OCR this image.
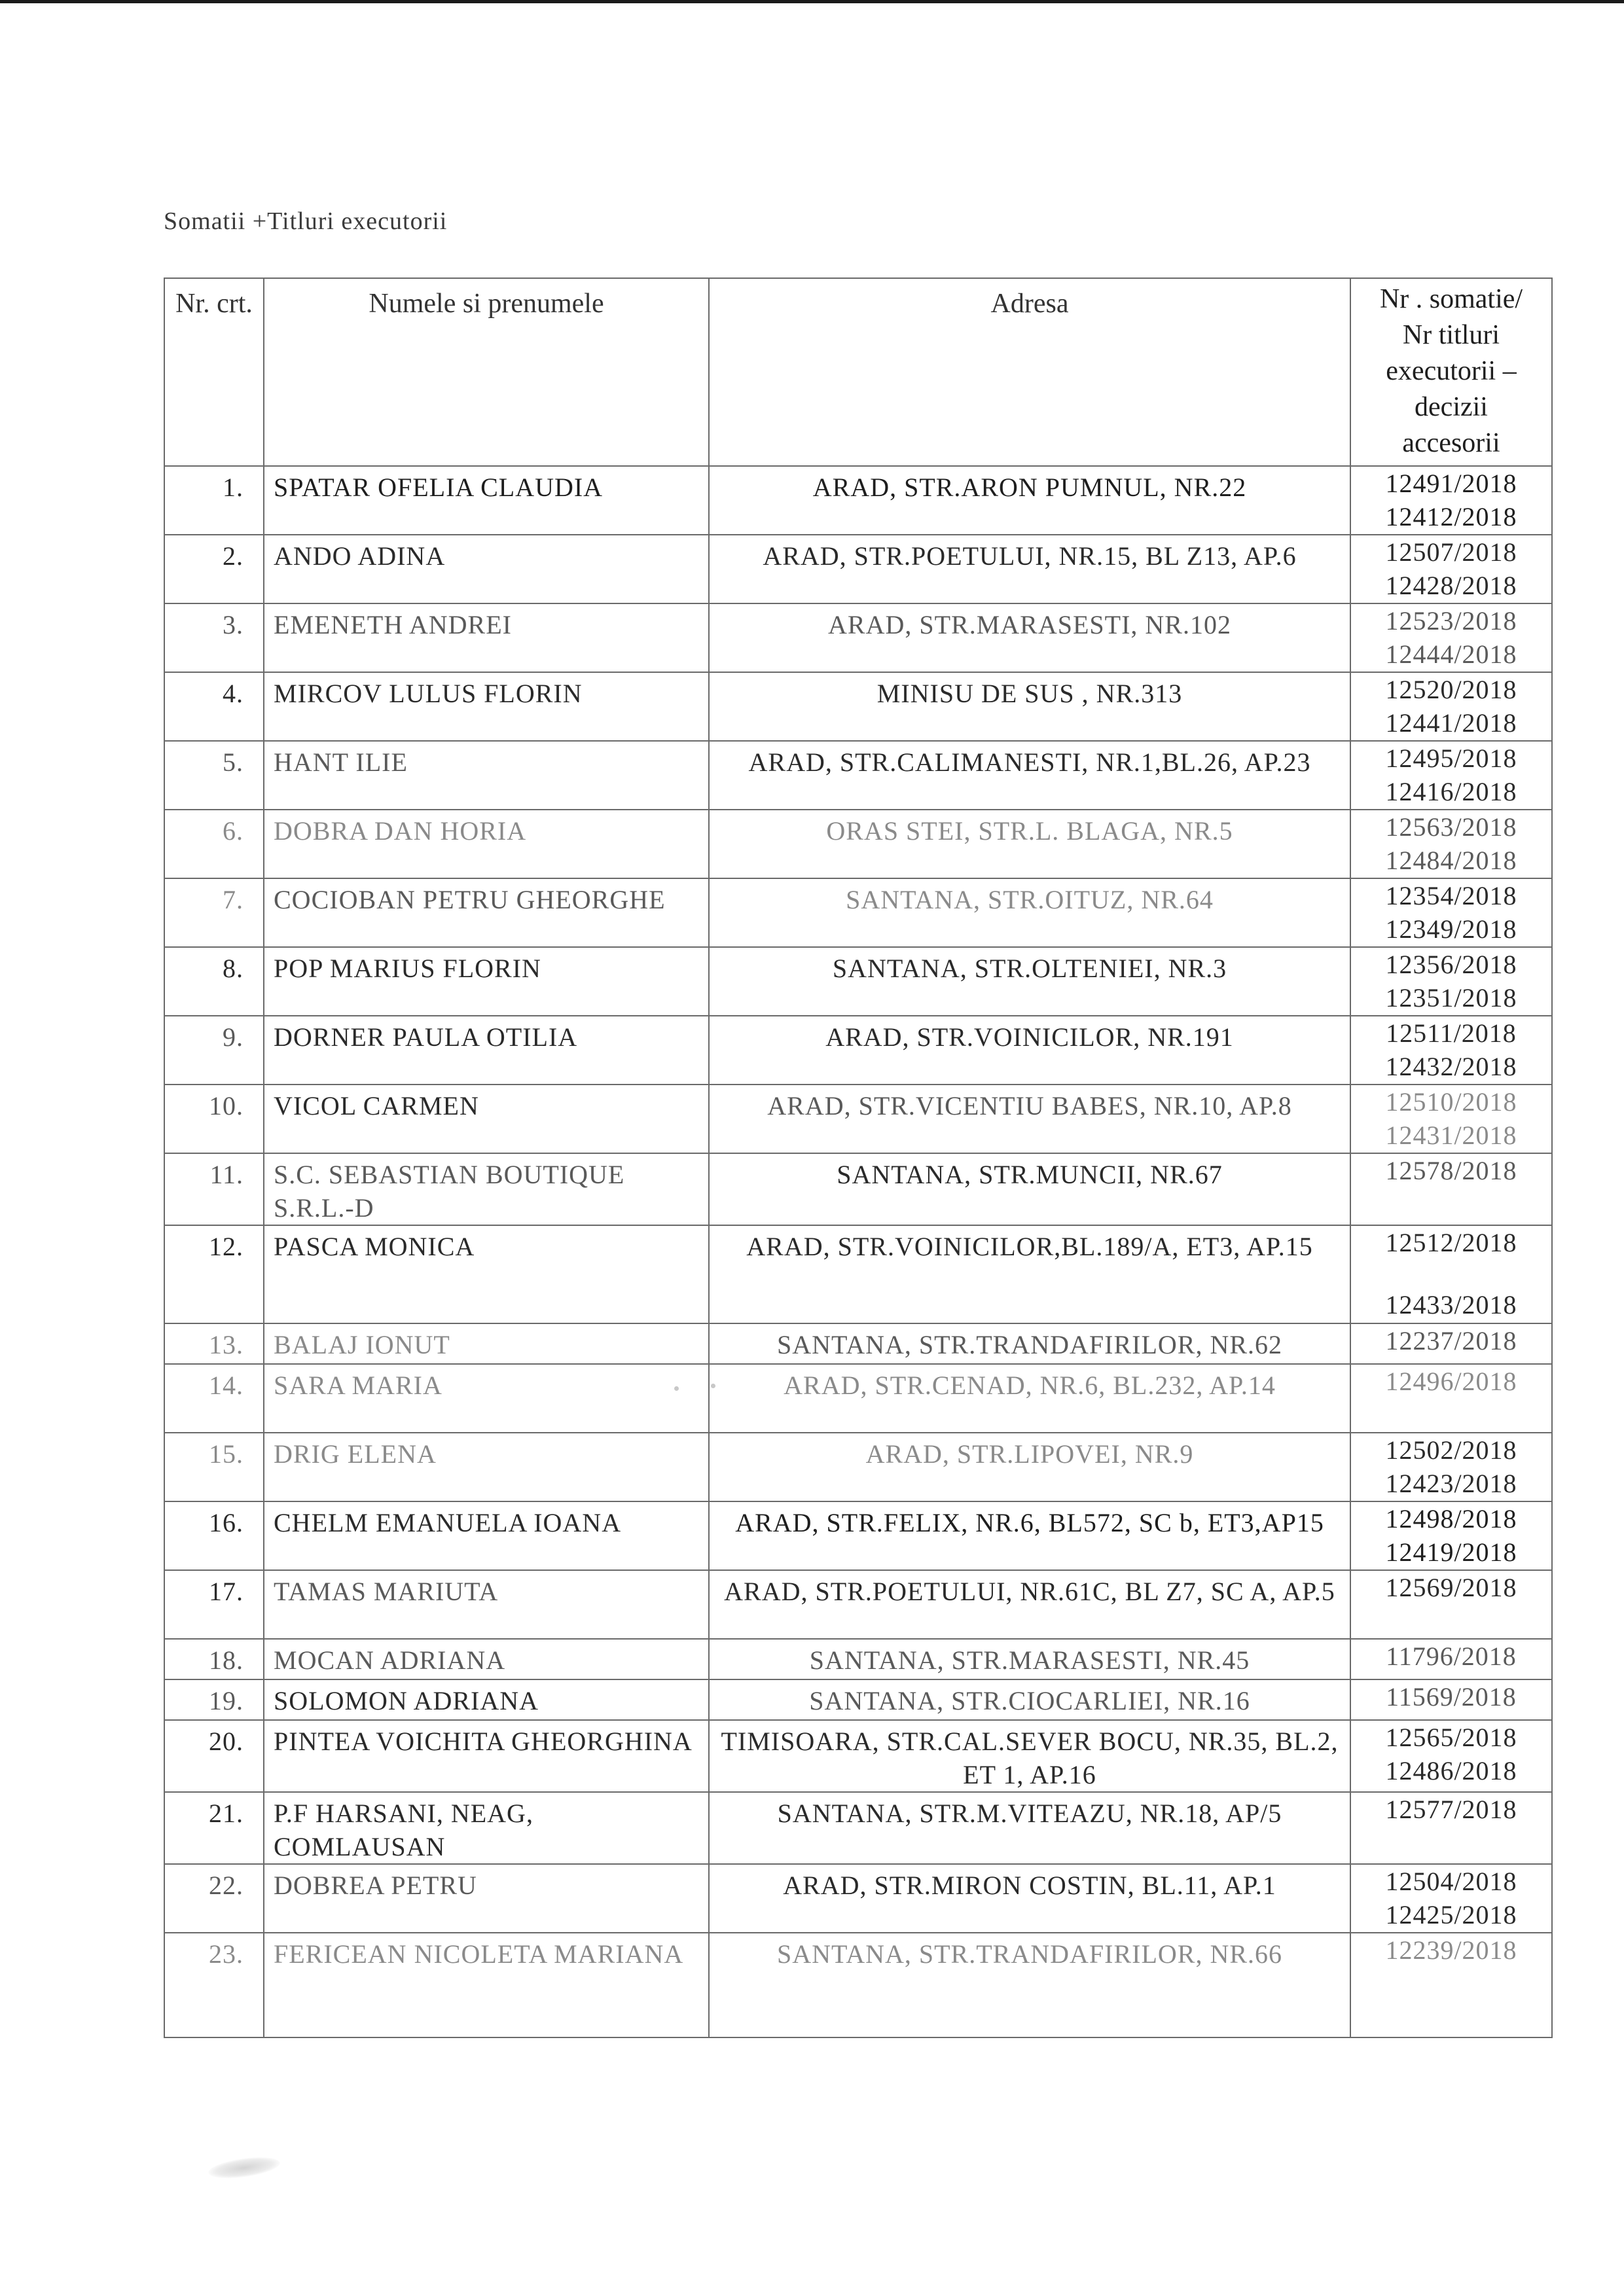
Somatii +Titluri executorii
Nr. crt.	Numele si prenumele	Adresa	Nr . somatie/
Nr titluri
executorii –
decizii
accesorii

1.	SPATAR OFELIA CLAUDIA	ARAD, STR.ARON PUMNUL, NR.22	12491/2018
12412/2018

2.	ANDO ADINA	ARAD, STR.POETULUI, NR.15, BL Z13, AP.6	12507/2018
12428/2018

3.	EMENETH ANDREI	ARAD, STR.MARASESTI, NR.102	12523/2018
12444/2018

4.	MIRCOV LULUS FLORIN	MINISU DE SUS , NR.313	12520/2018
12441/2018

5.	HANT ILIE	ARAD, STR.CALIMANESTI, NR.1,BL.26, AP.23	12495/2018
12416/2018

6.	DOBRA DAN HORIA	ORAS STEI, STR.L. BLAGA, NR.5	12563/2018
12484/2018

7.	COCIOBAN PETRU GHEORGHE	SANTANA, STR.OITUZ, NR.64	12354/2018
12349/2018

8.	POP MARIUS FLORIN	SANTANA, STR.OLTENIEI, NR.3	12356/2018
12351/2018

9.	DORNER PAULA OTILIA	ARAD, STR.VOINICILOR, NR.191	12511/2018
12432/2018

10.	VICOL CARMEN	ARAD, STR.VICENTIU BABES, NR.10, AP.8	12510/2018
12431/2018

11.	S.C. SEBASTIAN BOUTIQUE S.R.L.-D	SANTANA, STR.MUNCII, NR.67	12578/2018

12.	PASCA MONICA	ARAD, STR.VOINICILOR,BL.189/A, ET3, AP.15	12512/2018
12433/2018

13.	BALAJ IONUT	SANTANA, STR.TRANDAFIRILOR, NR.62	12237/2018

14.	SARA MARIA	ARAD, STR.CENAD, NR.6, BL.232, AP.14	12496/2018

15.	DRIG ELENA	ARAD, STR.LIPOVEI, NR.9	12502/2018
12423/2018

16.	CHELM EMANUELA IOANA	ARAD, STR.FELIX, NR.6, BL572, SC b, ET3,AP15	12498/2018
12419/2018

17.	TAMAS MARIUTA	ARAD, STR.POETULUI, NR.61C, BL Z7, SC A, AP.5	12569/2018

18.	MOCAN ADRIANA	SANTANA, STR.MARASESTI, NR.45	11796/2018

19.	SOLOMON ADRIANA	SANTANA, STR.CIOCARLIEI, NR.16	11569/2018

20.	PINTEA VOICHITA GHEORGHINA	TIMISOARA, STR.CAL.SEVER BOCU, NR.35, BL.2, ET 1, AP.16	12565/2018
12486/2018

21.	P.F HARSANI, NEAG, COMLAUSAN	SANTANA, STR.M.VITEAZU, NR.18, AP/5	12577/2018

22.	DOBREA PETRU	ARAD, STR.MIRON COSTIN, BL.11, AP.1	12504/2018
12425/2018

23.	FERICEAN NICOLETA MARIANA	SANTANA, STR.TRANDAFIRILOR, NR.66	12239/2018
